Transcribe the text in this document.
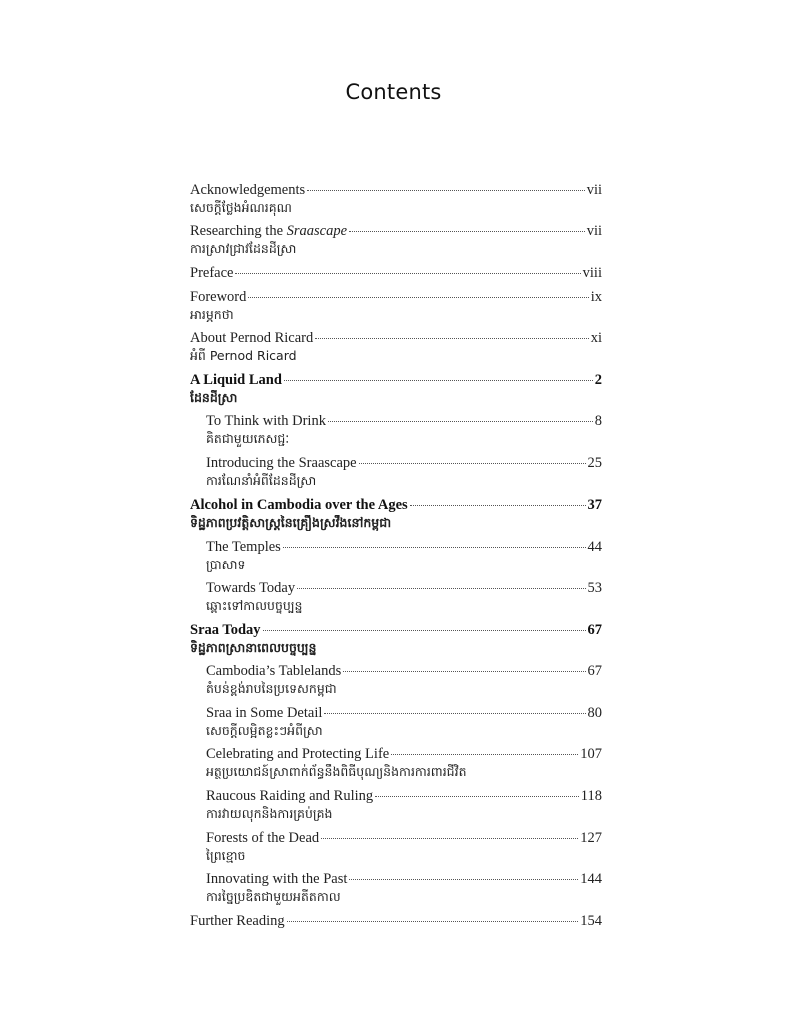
Contents
Acknowledgements	vii
សេចក្តីថ្លែងអំណរគុណ
Researching the Sraascape	vii
ការស្រាវជ្រាវដែនដីស្រា
Preface	viii
Foreword	ix
អារម្ភកថា
About Pernod Ricard	xi
អំពី Pernod Ricard
A Liquid Land	2
ដែនដីស្រា
To Think with Drink	8
គិតជាមួយភេសជ្ជៈ
Introducing the Sraascape	25
ការណែនាំអំពីដែនដីស្រា
Alcohol in Cambodia over the Ages	37
ទិដ្ឋភាពប្រវត្តិសាស្ត្រនៃគ្រឿងស្រវឹងនៅកម្ពុជា
The Temples	44
ប្រាសាទ
Towards Today	53
ឆ្ពោះទៅកាលបច្ចុប្បន្ន
Sraa Today	67
ទិដ្ឋភាពស្រានាពេលបច្ចុប្បន្ន
Cambodia’s Tablelands	67
តំបន់ខ្ពង់រាបនៃប្រទេសកម្ពុជា
Sraa in Some Detail	80
សេចក្តីលម្អិតខ្លះៗអំពីស្រា
Celebrating and Protecting Life	107
អត្ថប្រយោជន៍ស្រាពាក់ព័ន្ធនឹងពិធីបុណ្យនិងការការពារជីវិត
Raucous Raiding and Ruling	118
ការវាយលុកនិងការគ្រប់គ្រង
Forests of the Dead	127
ព្រៃខ្មោច
Innovating with the Past	144
ការច្នៃប្រឌិតជាមួយអតីតកាល
Further Reading	154
